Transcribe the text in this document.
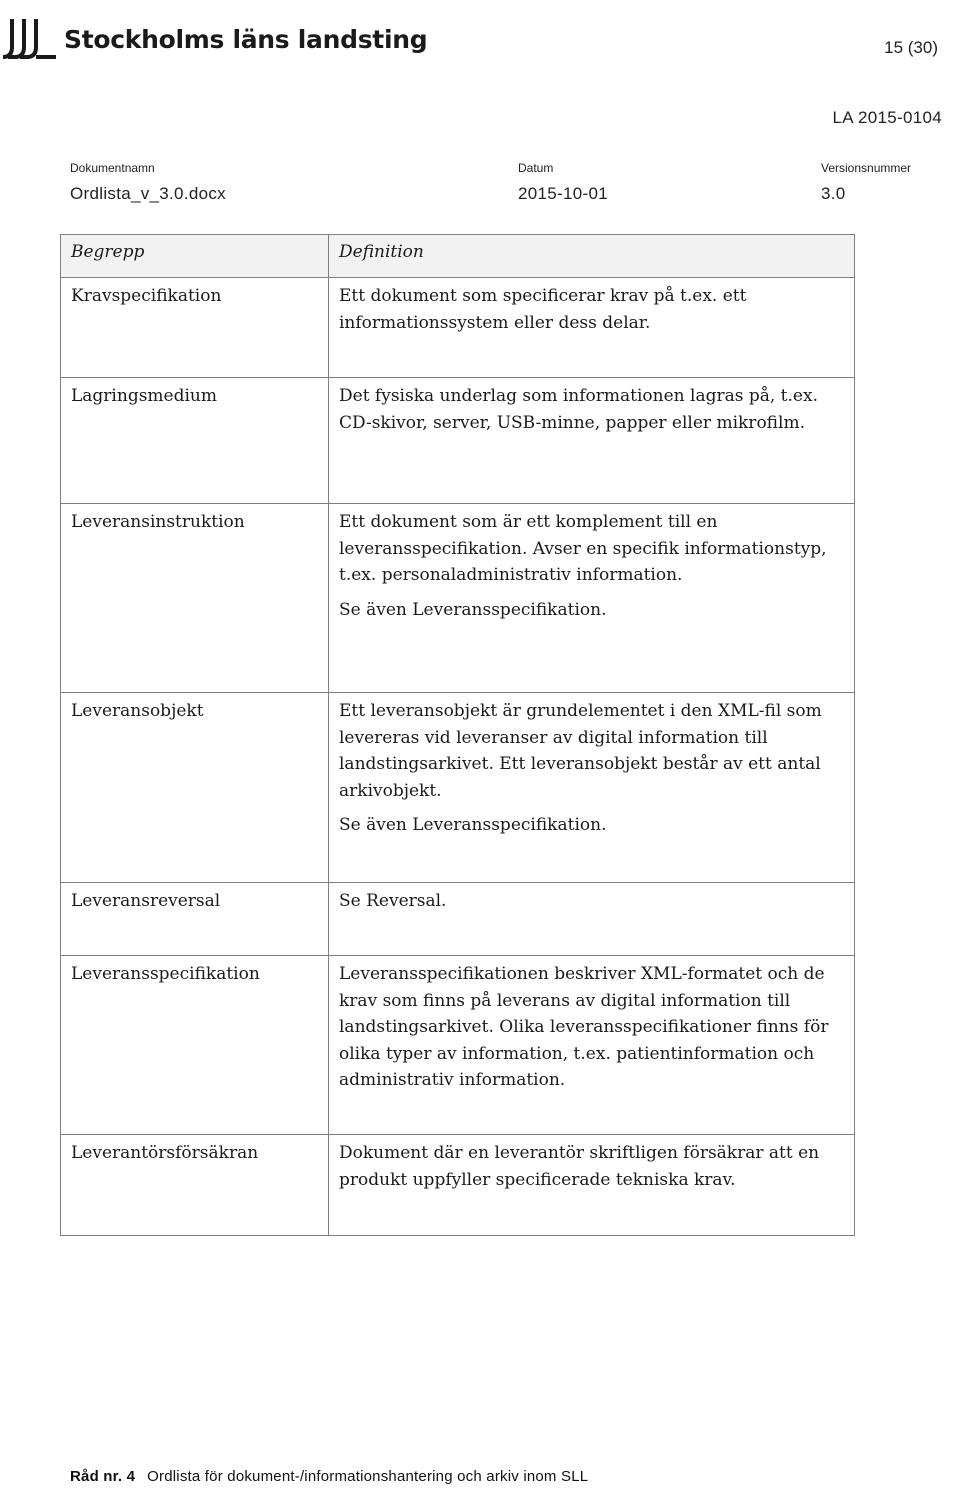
Stockholms läns landsting	15 (30)
LA 2015-0104
Dokumentnamn
Ordlista_v_3.0.docx
Datum
2015-10-01
Versionsnummer
3.0
Begrepp	Definition
Kravspecifikation	Ett dokument som specificerar krav på t.ex. ett informationssystem eller dess delar.

Lagringsmedium	Det fysiska underlag som informationen lagras på, t.ex. CD-skivor, server, USB-minne, papper eller mikrofilm.

Leveransinstruktion	Ett dokument som är ett komplement till en leveransspecifikation. Avser en specifik informationstyp, t.ex. personaladministrativ information.

Se även Leveransspecifikation.

Leveransobjekt	Ett leveransobjekt är grundelementet i den XML-fil som levereras vid leveranser av digital information till landstingsarkivet. Ett leveransobjekt består av ett antal arkivobjekt.

Se även Leveransspecifikation.

Leveransreversal	Se Reversal.

Leveransspecifikation	Leveransspecifikationen beskriver XML-formatet och de krav som finns på leverans av digital information till landstingsarkivet. Olika leveransspecifikationer finns för olika typer av information, t.ex. patientinformation och administrativ information.

Leverantörsförsäkran	Dokument där en leverantör skriftligen försäkrar att en produkt uppfyller specificerade tekniska krav.

Råd nr. 4 Ordlista för dokument-/informationshantering och arkiv inom SLL
